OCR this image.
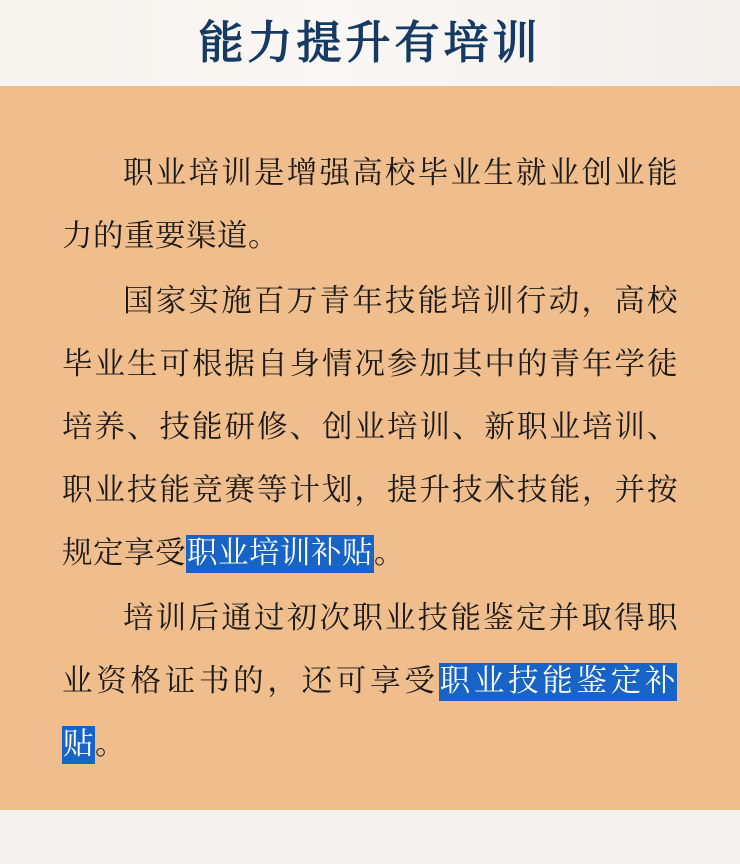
能力提升有培训

职业培训是增强高校毕业生就业创业能力的重要渠道。

国家实施百万青年技能培训行动，高校毕业生可根据自身情况参加其中的青年学徒培养、技能研修、创业培训、新职业培训、职业技能竞赛等计划，提升技术技能，并按规定享受职业培训补贴。

培训后通过初次职业技能鉴定并取得职业资格证书的，还可享受职业技能鉴定补贴。
